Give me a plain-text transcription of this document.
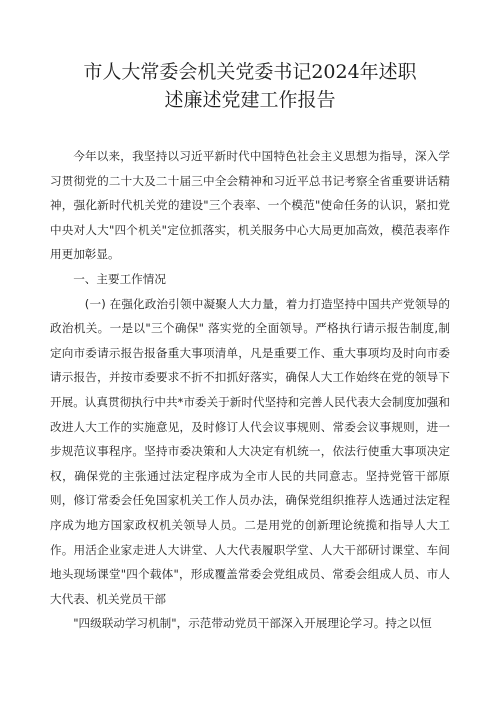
市人大常委会机关党委书记2024年述职
述廉述党建工作报告

今年以来，我坚持以习近平新时代中国特色社会主义思想为指导，深入学习贯彻党的二十大及二十届三中全会精神和习近平总书记考察全省重要讲话精神，强化新时代机关党的建设"三个表率、一个模范"使命任务的认识，紧扣党中央对人大"四个机关"定位抓落实，机关服务中心大局更加高效，模范表率作用更加彰显。

一、主要工作情况

(一) 在强化政治引领中凝聚人大力量，着力打造坚持中国共产党领导的政治机关。一是以"三个确保" 落实党的全面领导。严格执行请示报告制度,制定向市委请示报告报备重大事项清单，凡是重要工作、重大事项均及时向市委请示报告，并按市委要求不折不扣抓好落实，确保人大工作始终在党的领导下开展。认真贯彻执行中共*市委关于新时代坚持和完善人民代表大会制度加强和改进人大工作的实施意见，及时修订人代会议事规则、常委会议事规则，进一步规范议事程序。坚持市委决策和人大决定有机统一，依法行使重大事项决定权，确保党的主张通过法定程序成为全市人民的共同意志。坚持党管干部原则，修订常委会任免国家机关工作人员办法，确保党组织推荐人选通过法定程序成为地方国家政权机关领导人员。二是用党的创新理论统揽和指导人大工作。用活企业家走进人大讲堂、人大代表履职学堂、人大干部研讨课堂、车间地头现场课堂"四个载体"，形成覆盖常委会党组成员、常委会组成人员、市人大代表、机关党员干部

"四级联动学习机制"，示范带动党员干部深入开展理论学习。持之以恒
